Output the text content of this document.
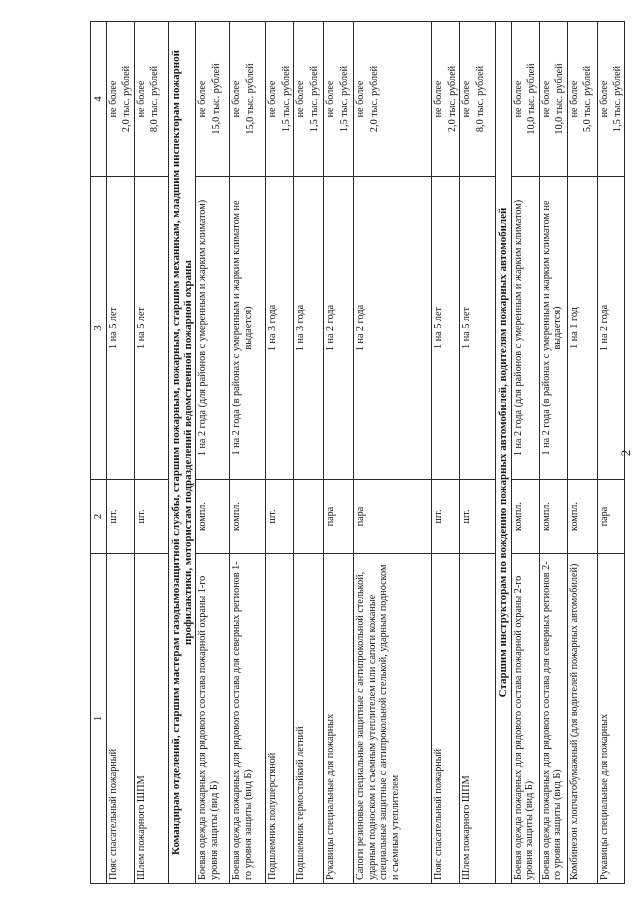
1	2	3	4
Пояс спасательный пожарный	шт.	1 на 5 лет	не более 2,0 тыс. рублей

Шлем пожарного ШПМ	шт.	1 на 5 лет	не более 8,0 тыс. рублей

Командирам отделений, старшим мастерам газодымозащитной службы, старшим пожарным, пожарным, старшим механикам, младшим инспекторам пожарной профилактики, мотористам подразделений ведомственной пожарной охраны			
Боевая одежда пожарных для рядового состава пожарной охраны 1-го уровня защиты (вид Б)	компл.	1 на 2 года (для районов с умеренным и жарким климатом)	не более 15,0 тыс. рублей

Боевая одежда пожарных для рядового состава для северных регионов 1-го уровня защиты (вид Б)	компл.	1 на 2 года (в районах с умеренным и жарким климатом не выдается)	не более 15,0 тыс. рублей

Подшлемник полушерстяной	шт.	1 на 3 года	не более 1,5 тыс. рублей

Подшлемник термостойкий летний		1 на 3 года	не более 1,5 тыс. рублей

Рукавицы специальные для пожарных	пара	1 на 2 года	не более 1,5 тыс. рублей

Сапоги резиновые специальные защитные с антипрокольной стелькой, ударным подноском и съемным утеплителем или сапоги кожаные специальные защитные с антипрокольной стелькой, ударным подноском и съемным утеплителем	пара	1 на 2 года	не более 2,0 тыс. рублей

Пояс спасательный пожарный	шт.	1 на 5 лет	не более 2,0 тыс. рублей

Шлем пожарного ШПМ	шт.	1 на 5 лет	не более 8,0 тыс. рублей

Старшим инструкторам по вождению пожарных автомобилей, водителям пожарных автомобилей			
Боевая одежда пожарных для рядового состава пожарной охраны 2-го уровня защиты (вид Б)	компл.	1 на 2 года (для районов с умеренным и жарким климатом)	не более 10,0 тыс. рублей

Боевая одежда пожарных для рядового состава для северных регионов 2-го уровня защиты (вид Б)	компл.	1 на 2 года (в районах с умеренным и жарким климатом не выдается)	не более 10,0 тыс. рублей

Комбинезон хлопчатобумажный (для водителей пожарных автомобилей)	компл.	1 на 1 год	не более 5,0 тыс. рублей

Рукавицы специальные для пожарных	пара	1 на 2 года	не более 1,5 тыс. рублей
2
